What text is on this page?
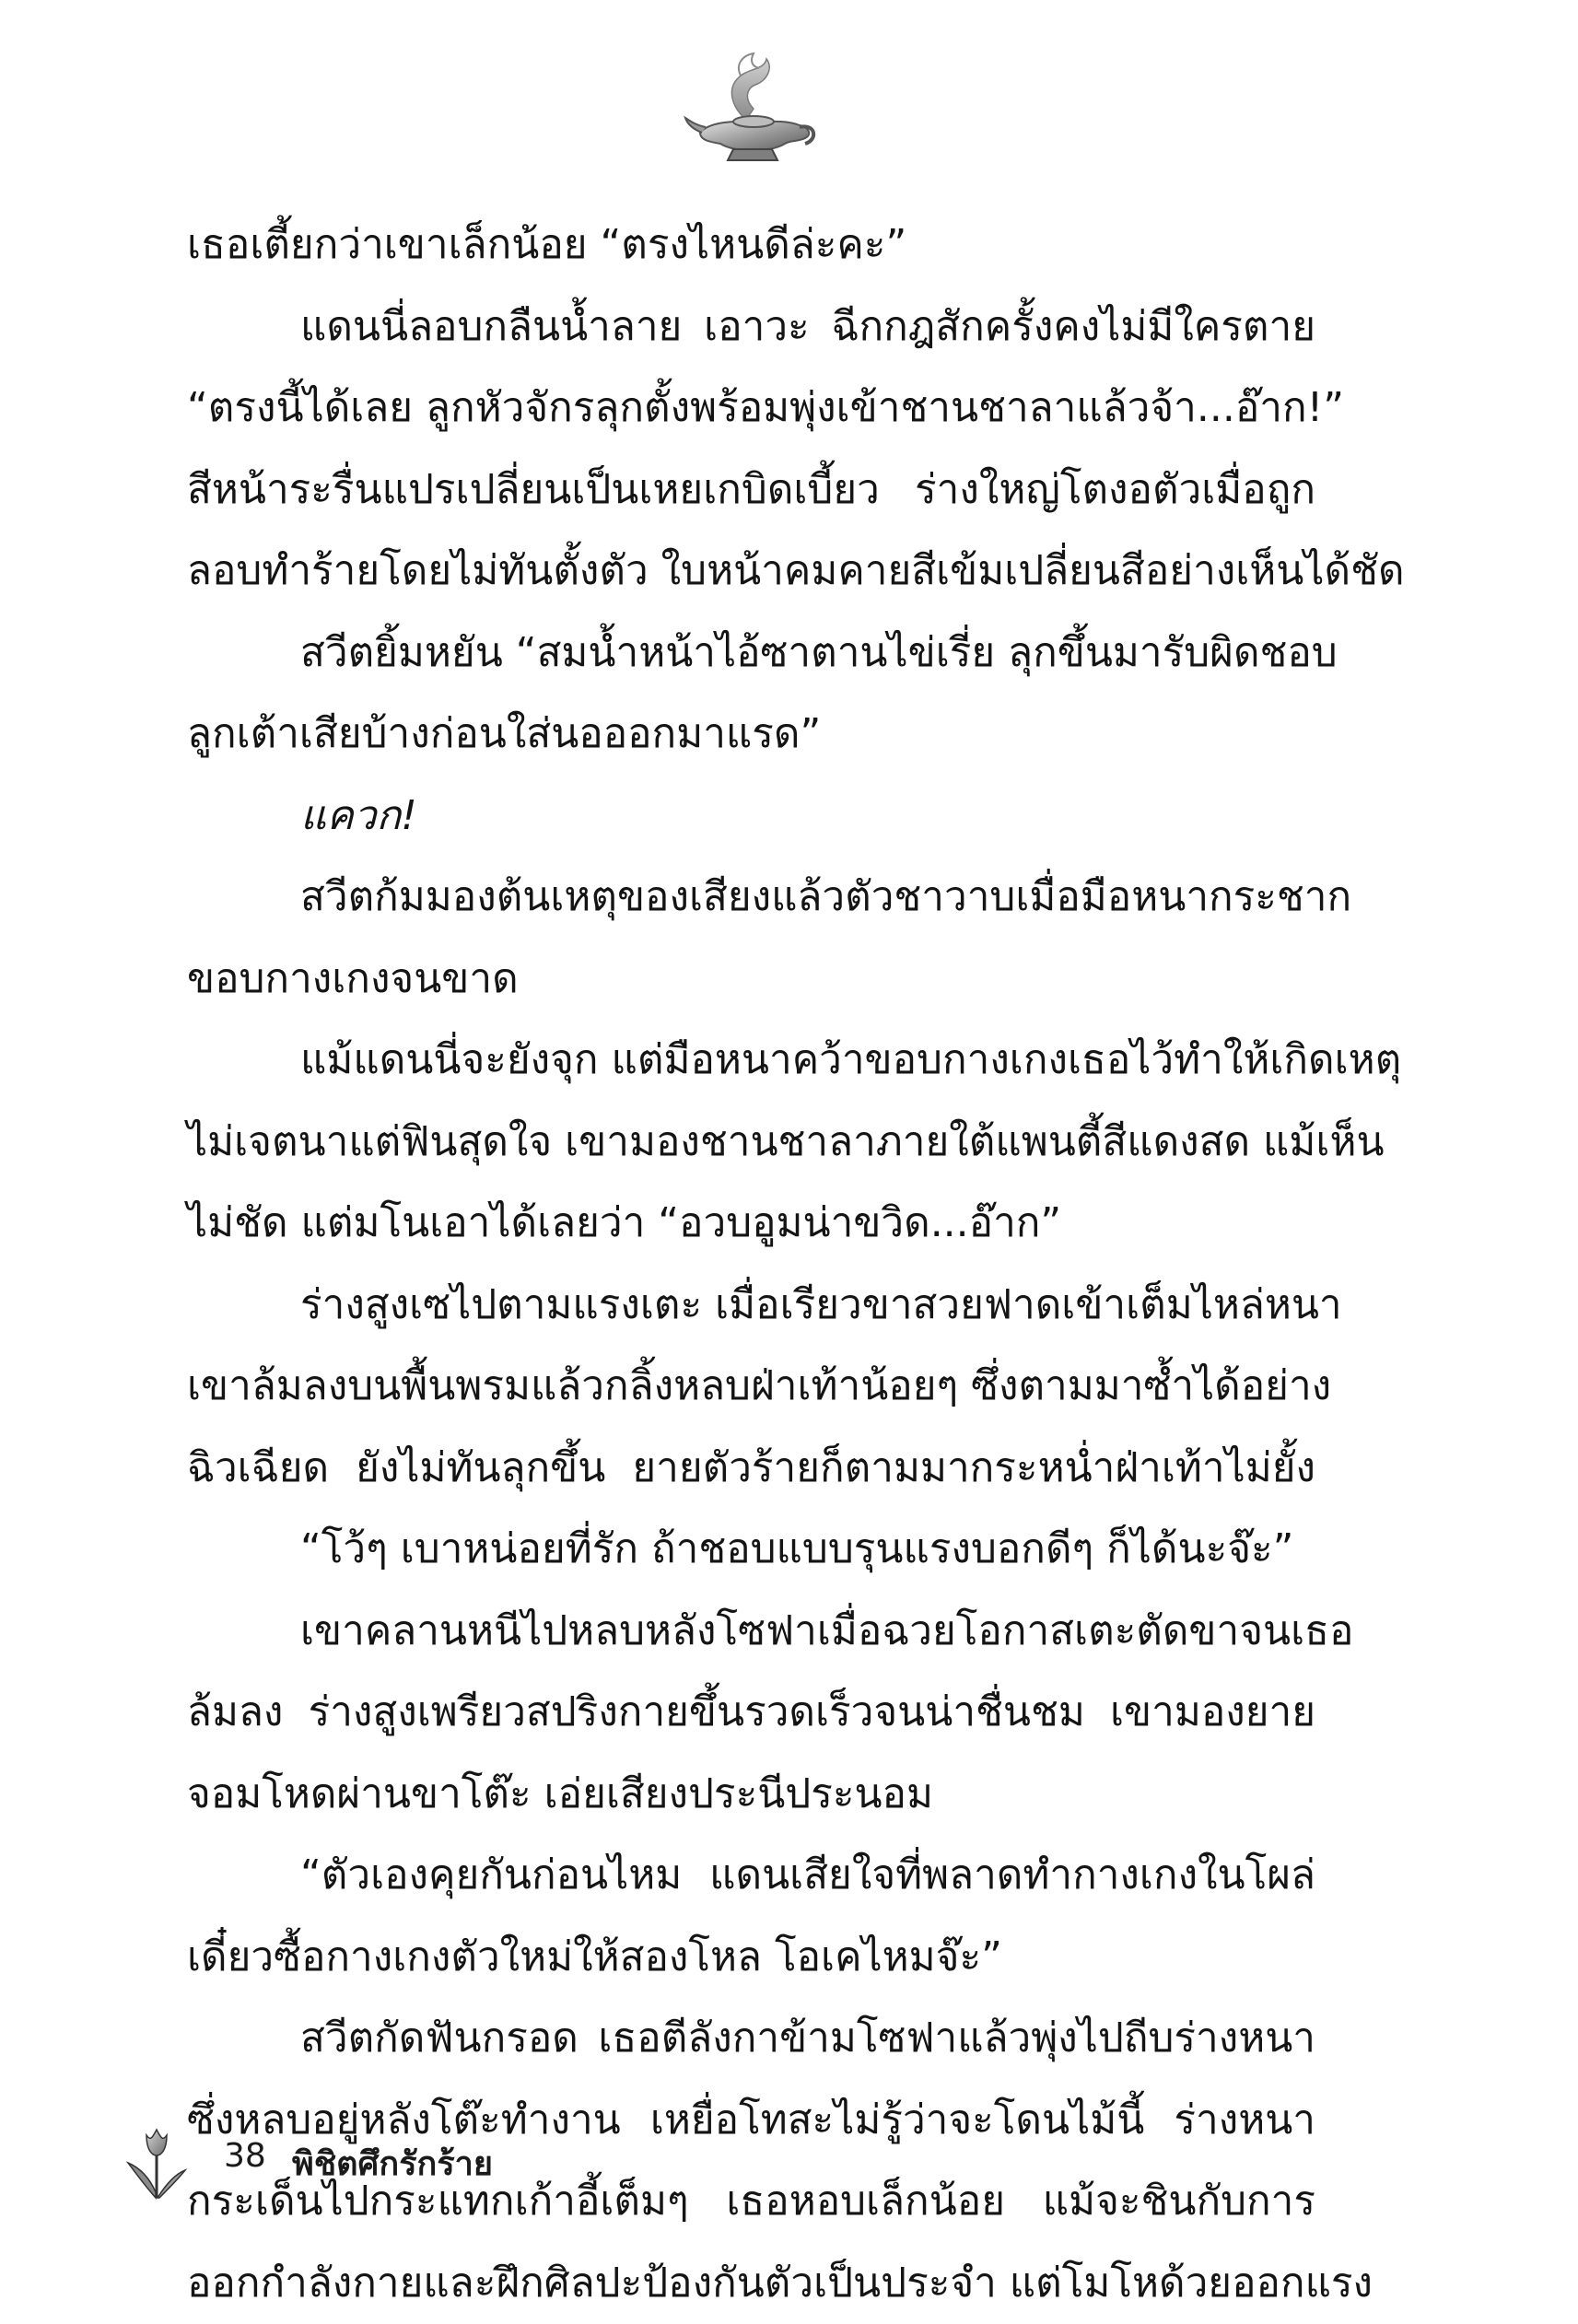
เธอเตี้ยกว่าเขาเล็กน้อย “ตรงไหนดีล่ะคะ”
แดนนี่ลอบกลืนน้ำลาย เอาวะ ฉีกกฎสักครั้งคงไม่มีใครตาย
“ตรงนี้ได้เลย ลูกหัวจักรลุกตั้งพร้อมพุ่งเข้าชานชาลาแล้วจ้า...อ๊าก!”
สีหน้าระรื่นแปรเปลี่ยนเป็นเหยเกบิดเบี้ยว ร่างใหญ่โตงอตัวเมื่อถูก
ลอบทำร้ายโดยไม่ทันตั้งตัว ใบหน้าคมคายสีเข้มเปลี่ยนสีอย่างเห็นได้ชัด
สวีตยิ้มหยัน “สมน้ำหน้าไอ้ซาตานไข่เรี่ย ลุกขึ้นมารับผิดชอบ
ลูกเต้าเสียบ้างก่อนใส่นอออกมาแรด”
แควก!
สวีตก้มมองต้นเหตุของเสียงแล้วตัวชาวาบเมื่อมือหนากระชาก
ขอบกางเกงจนขาด
แม้แดนนี่จะยังจุก แต่มือหนาคว้าขอบกางเกงเธอไว้ทำให้เกิดเหตุ
ไม่เจตนาแต่ฟินสุดใจ เขามองชานชาลาภายใต้แพนตี้สีแดงสด แม้เห็น
ไม่ชัด แต่มโนเอาได้เลยว่า “อวบอูมน่าขวิด...อ๊าก”
ร่างสูงเซไปตามแรงเตะ เมื่อเรียวขาสวยฟาดเข้าเต็มไหล่หนา
เขาล้มลงบนพื้นพรมแล้วกลิ้งหลบฝ่าเท้าน้อยๆ ซึ่งตามมาซ้ำได้อย่าง
ฉิวเฉียด ยังไม่ทันลุกขึ้น ยายตัวร้ายก็ตามมากระหน่ำฝ่าเท้าไม่ยั้ง
“โว้ๆ เบาหน่อยที่รัก ถ้าชอบแบบรุนแรงบอกดีๆ ก็ได้นะจ๊ะ”
เขาคลานหนีไปหลบหลังโซฟาเมื่อฉวยโอกาสเตะตัดขาจนเธอ
ล้มลง ร่างสูงเพรียวสปริงกายขึ้นรวดเร็วจนน่าชื่นชม เขามองยาย
จอมโหดผ่านขาโต๊ะ เอ่ยเสียงประนีประนอม
“ตัวเองคุยกันก่อนไหม แดนเสียใจที่พลาดทำกางเกงในโผล่
เดี๋ยวซื้อกางเกงตัวใหม่ให้สองโหล โอเคไหมจ๊ะ”
สวีตกัดฟันกรอด เธอตีลังกาข้ามโซฟาแล้วพุ่งไปถีบร่างหนา
ซึ่งหลบอยู่หลังโต๊ะทำงาน เหยื่อโทสะไม่รู้ว่าจะโดนไม้นี้ ร่างหนา
กระเด็นไปกระแทกเก้าอี้เต็มๆ เธอหอบเล็กน้อย แม้จะชินกับการ
ออกกำลังกายและฝึกศิลปะป้องกันตัวเป็นประจำ แต่โมโหด้วยออกแรง
38 พิชิตศึกรักร้าย
